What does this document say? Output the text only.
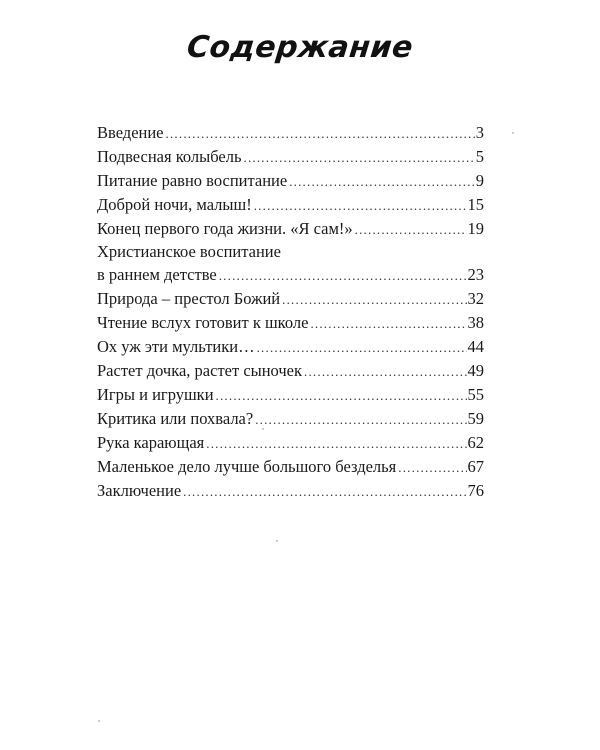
Содержание
Введение .....	3
Подвесная колыбель .....	5
Питание равно воспитание .....	9
Доброй ночи, малыш! .....	15
Конец первого года жизни. «Я сам!» .....	19
Христианское воспитание
в раннем детстве .....	23
Природа – престол Божий .....	32
Чтение вслух готовит к школе .....	38
Ох уж эти мультики… .....	44
Растет дочка, растет сыночек .....	49
Игры и игрушки .....	55
Критика или похвала? .....	59
Рука карающая .....	62
Маленькое дело лучше большого безделья .....	67
Заключение .....	76
